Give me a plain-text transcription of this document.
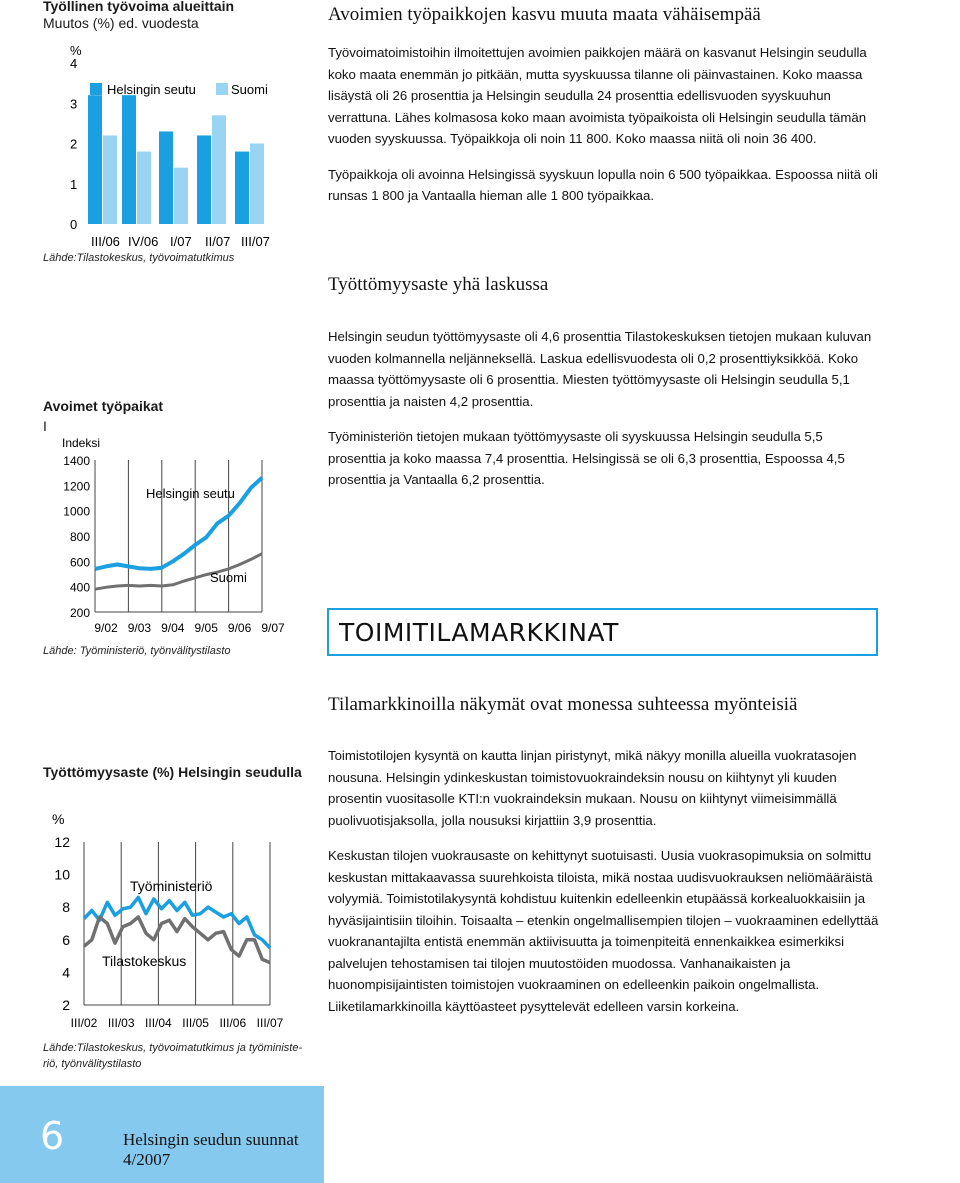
Työllinen työvoima alueittain
Muutos (%) ed. vuodesta
%
0
1
2
3
4
III/06 IV/06 I/07 II/07 III/07
Helsingin seutu	Suomi
Lähde:Tilastokeskus, työvoimatutkimus
Avoimet työpaikat
I
Indeksi
200
400
600
800
1000
1200
1400
9/02 9/03 9/04 9/05 9/06 9/07
Helsingin seutu
Suomi
Lähde: Työministeriö, työnvälitystilasto
Työttömyysaste (%) Helsingin seudulla
%
2
4
6
8
10
12
III/02 III/03 III/04 III/05 III/06 III/07
Työministeriö
Tilastokeskus
Lähde:Tilastokeskus, työvoimatutkimus ja työministe-
riö, työnvälitystilasto
Avoimien työpaikkojen kasvu muuta maata vähäisempää

Työvoimatoimistoihin ilmoitettujen avoimien paikkojen määrä on kasvanut Helsingin seudulla koko maata enemmän jo pitkään, mutta syyskuussa tilanne oli päinvastainen. Koko maassa lisäystä oli 26 prosenttia ja Helsingin seudulla 24 prosenttia edellisvuoden syyskuuhun verrattuna. Lähes kolmasosa koko maan avoimista työpaikoista oli Helsingin seudulla tämän vuoden syyskuussa. Työpaikkoja oli noin 11 800. Koko maassa niitä oli noin 36 400.

Työpaikkoja oli avoinna Helsingissä syyskuun lopulla noin 6 500 työpaikkaa. Espoossa niitä oli runsas 1 800 ja Vantaalla hieman alle 1 800 työpaikkaa.

Työttömyysaste yhä laskussa

Helsingin seudun työttömyysaste oli 4,6 prosenttia Tilastokeskuksen tietojen mukaan kuluvan vuoden kolmannella neljänneksellä. Laskua edellisvuodesta oli 0,2 prosenttiyksikköä. Koko maassa työttömyysaste oli 6 prosenttia. Miesten työttömyysaste oli Helsingin seudulla 5,1 prosenttia ja naisten 4,2 prosenttia.

Työministeriön tietojen mukaan työttömyysaste oli syyskuussa Helsingin seudulla 5,5 prosenttia ja koko maassa 7,4 prosenttia. Helsingissä se oli 6,3 prosenttia, Espoossa 4,5 prosenttia ja Vantaalla 6,2 prosenttia.

TOIMITILAMARKKINAT
Tilamarkkinoilla näkymät ovat monessa suhteessa myönteisiä

Toimistotilojen kysyntä on kautta linjan piristynyt, mikä näkyy monilla alueilla vuokratasojen nousuna. Helsingin ydinkeskustan toimistovuokraindeksin nousu on kiihtynyt yli kuuden prosentin vuositasolle KTI:n vuokraindeksin mukaan. Nousu on kiihtynyt viimeisimmällä puolivuotisjaksolla, jolla nousuksi kirjattiin 3,9 prosenttia.

Keskustan tilojen vuokrausaste on kehittynyt suotuisasti. Uusia vuokrasopimuksia on solmittu keskustan mittakaavassa suurehkoista tiloista, mikä nostaa uudisvuokrauksen neliömääräistä volyymiä. Toimistotilakysyntä kohdistuu kuitenkin edelleenkin etupäässä korkealuokkaisiin ja hyväsijaintisiin tiloihin. Toisaalta – etenkin ongelmallisempien tilojen – vuokraaminen edellyttää vuokranantajilta entistä enemmän aktiivisuutta ja toimenpiteitä ennenkaikkea esimerkiksi palvelujen tehostamisen tai tilojen muutostöiden muodossa. Vanhanaikaisten ja huonompisijaintisten toimistojen vuokraaminen on edelleenkin paikoin ongelmallista. Liiketilamarkkinoilla käyttöasteet pysyttelevät edelleen varsin korkeina.

6	Helsingin seudun suunnat 4/2007
